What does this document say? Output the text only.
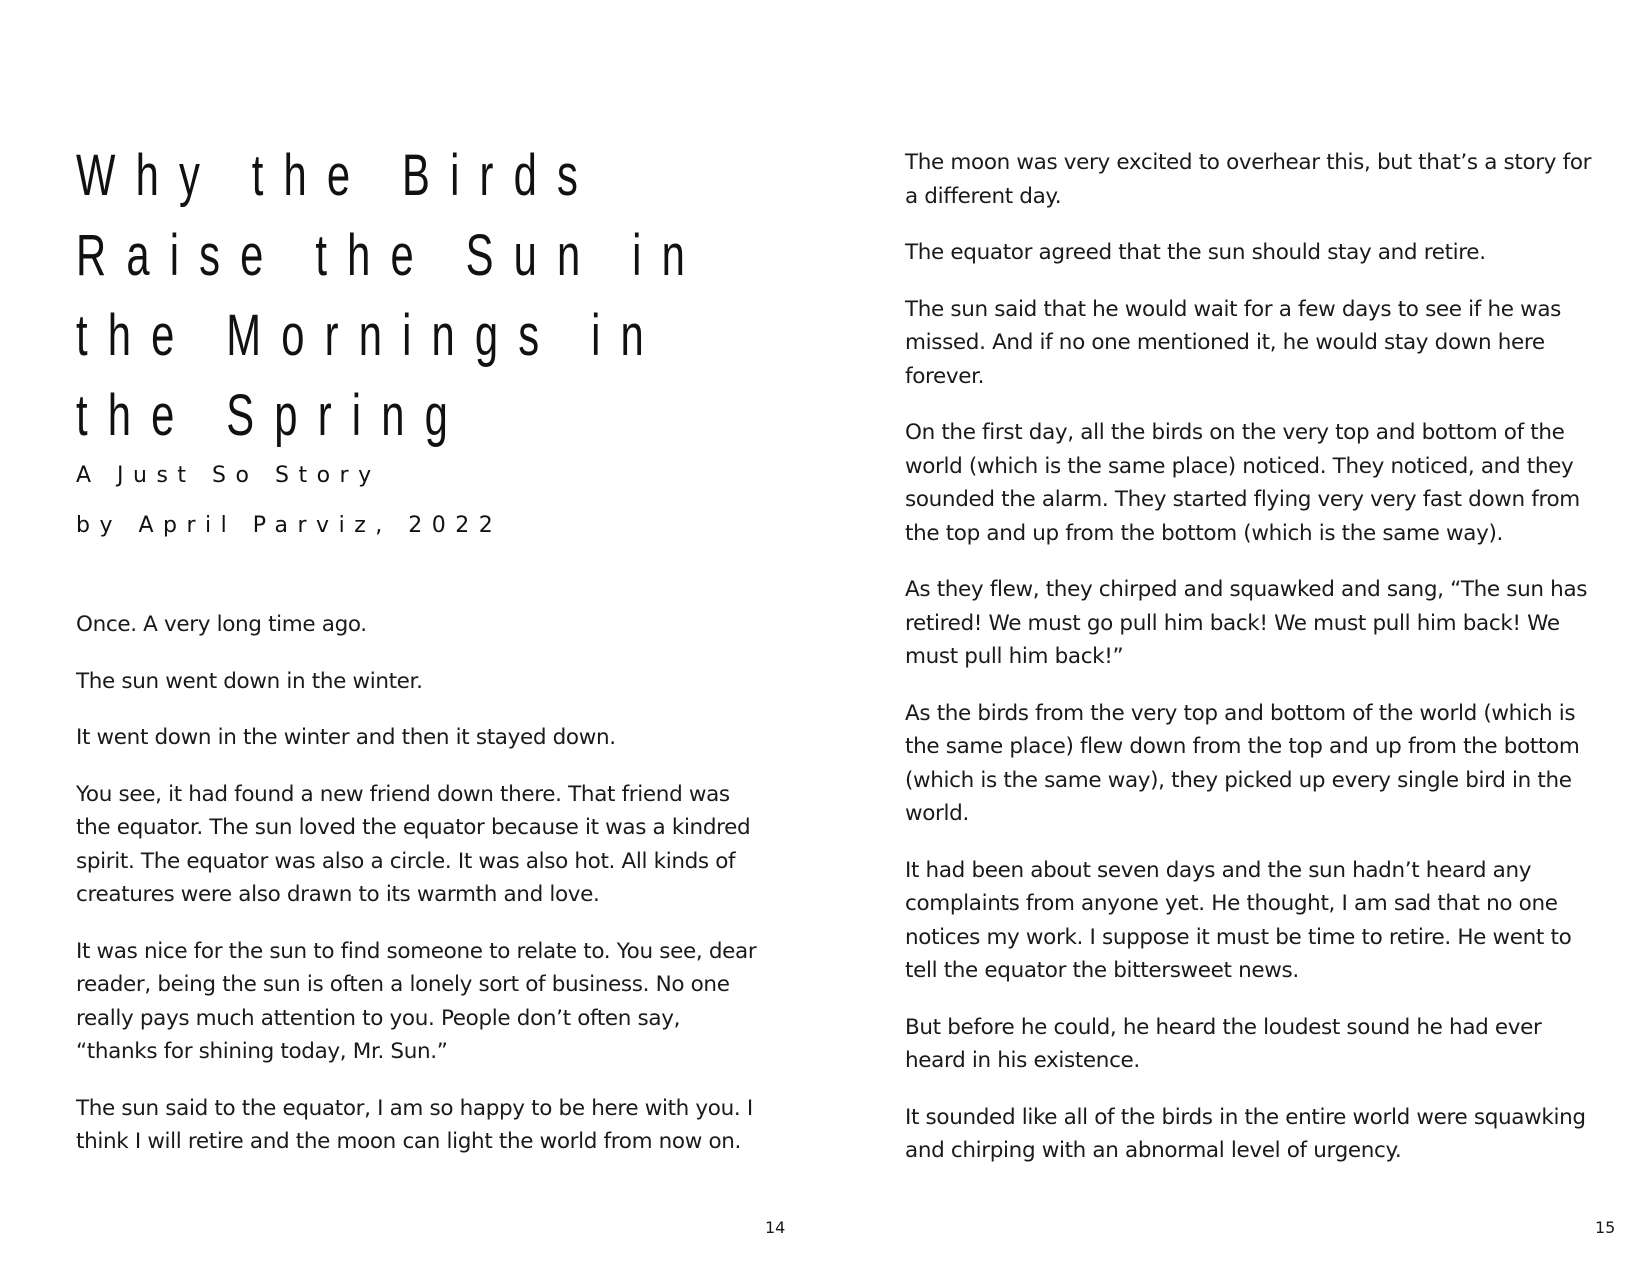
Why the Birds
Raise the Sun in
the Mornings in
the Spring
A Just So Story
by April Parviz, 2022

Once. A very long time ago.

The sun went down in the winter.

It went down in the winter and then it stayed down.

You see, it had found a new friend down there. That friend was the equator. The sun loved the equator because it was a kindred spirit. The equator was also a circle. It was also hot. All kinds of creatures were also drawn to its warmth and love.

It was nice for the sun to find someone to relate to. You see, dear reader, being the sun is often a lonely sort of business. No one really pays much attention to you. People don’t often say, “thanks for shining today, Mr. Sun.”

The sun said to the equator, I am so happy to be here with you. I think I will retire and the moon can light the world from now on.

14

The moon was very excited to overhear this, but that’s a story for a different day.

The equator agreed that the sun should stay and retire.

The sun said that he would wait for a few days to see if he was missed. And if no one mentioned it, he would stay down here forever.

On the first day, all the birds on the very top and bottom of the world (which is the same place) noticed. They noticed, and they sounded the alarm. They started flying very very fast down from the top and up from the bottom (which is the same way).

As they flew, they chirped and squawked and sang, “The sun has retired! We must go pull him back! We must pull him back! We must pull him back!”

As the birds from the very top and bottom of the world (which is the same place) flew down from the top and up from the bottom (which is the same way), they picked up every single bird in the world.

It had been about seven days and the sun hadn’t heard any complaints from anyone yet. He thought, I am sad that no one notices my work. I suppose it must be time to retire. He went to tell the equator the bittersweet news.

But before he could, he heard the loudest sound he had ever heard in his existence.

It sounded like all of the birds in the entire world were squawking and chirping with an abnormal level of urgency.

15
